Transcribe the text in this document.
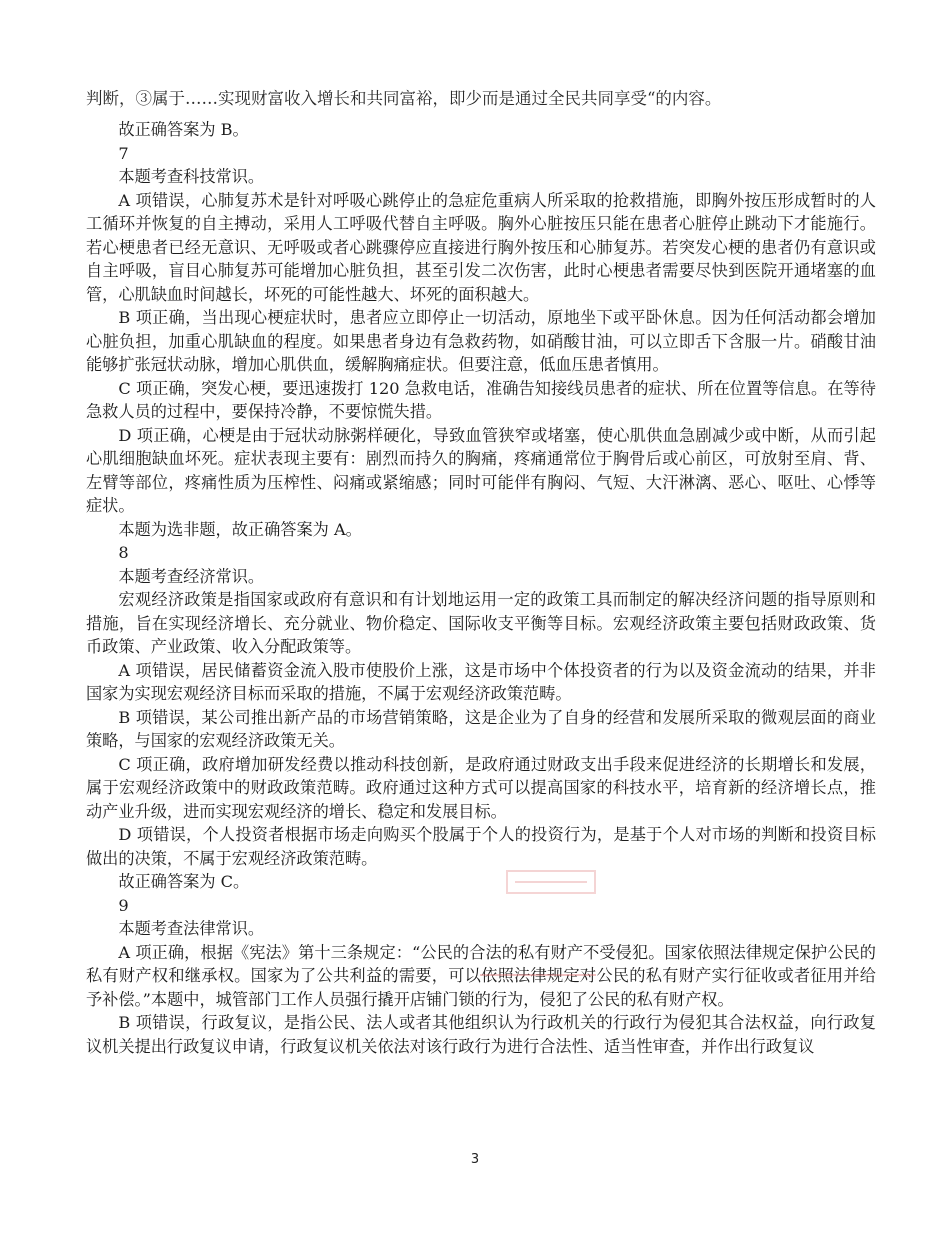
判断，③属于……实现财富收入增长和共同富裕，即少而是通过全民共同享受“的内容。

故正确答案为 B。

7

本题考查科技常识。

A 项错误，心肺复苏术是针对呼吸心跳停止的急症危重病人所采取的抢救措施，即胸外按压形成暂时的人工循环并恢复的自主搏动，采用人工呼吸代替自主呼吸。胸外心脏按压只能在患者心脏停止跳动下才能施行。若心梗患者已经无意识、无呼吸或者心跳骤停应直接进行胸外按压和心肺复苏。若突发心梗的患者仍有意识或自主呼吸，盲目心肺复苏可能增加心脏负担，甚至引发二次伤害，此时心梗患者需要尽快到医院开通堵塞的血管，心肌缺血时间越长，坏死的可能性越大、坏死的面积越大。

B 项正确，当出现心梗症状时，患者应立即停止一切活动，原地坐下或平卧休息。因为任何活动都会增加心脏负担，加重心肌缺血的程度。如果患者身边有急救药物，如硝酸甘油，可以立即舌下含服一片。硝酸甘油能够扩张冠状动脉，增加心肌供血，缓解胸痛症状。但要注意，低血压患者慎用。

C 项正确，突发心梗，要迅速拨打 120 急救电话，准确告知接线员患者的症状、所在位置等信息。在等待急救人员的过程中，要保持冷静，不要惊慌失措。

D 项正确，心梗是由于冠状动脉粥样硬化，导致血管狭窄或堵塞，使心肌供血急剧减少或中断，从而引起心肌细胞缺血坏死。症状表现主要有：剧烈而持久的胸痛，疼痛通常位于胸骨后或心前区，可放射至肩、背、左臂等部位，疼痛性质为压榨性、闷痛或紧缩感；同时可能伴有胸闷、气短、大汗淋漓、恶心、呕吐、心悸等症状。

本题为选非题，故正确答案为 A。

8

本题考查经济常识。

宏观经济政策是指国家或政府有意识和有计划地运用一定的政策工具而制定的解决经济问题的指导原则和措施，旨在实现经济增长、充分就业、物价稳定、国际收支平衡等目标。宏观经济政策主要包括财政政策、货币政策、产业政策、收入分配政策等。

A 项错误，居民储蓄资金流入股市使股价上涨，这是市场中个体投资者的行为以及资金流动的结果，并非国家为实现宏观经济目标而采取的措施，不属于宏观经济政策范畴。

B 项错误，某公司推出新产品的市场营销策略，这是企业为了自身的经营和发展所采取的微观层面的商业策略，与国家的宏观经济政策无关。

C 项正确，政府增加研发经费以推动科技创新，是政府通过财政支出手段来促进经济的长期增长和发展，属于宏观经济政策中的财政政策范畴。政府通过这种方式可以提高国家的科技水平，培育新的经济增长点，推动产业升级，进而实现宏观经济的增长、稳定和发展目标。

D 项错误，个人投资者根据市场走向购买个股属于个人的投资行为，是基于个人对市场的判断和投资目标做出的决策，不属于宏观经济政策范畴。

故正确答案为 C。

9

本题考查法律常识。

A 项正确，根据《宪法》第十三条规定：“公民的合法的私有财产不受侵犯。国家依照法律规定保护公民的私有财产权和继承权。国家为了公共利益的需要，可以依照法律规定对公民的私有财产实行征收或者征用并给予补偿。”本题中，城管部门工作人员强行撬开店铺门锁的行为，侵犯了公民的私有财产权。

B 项错误，行政复议，是指公民、法人或者其他组织认为行政机关的行政行为侵犯其合法权益，向行政复议机关提出行政复议申请，行政复议机关依法对该行政行为进行合法性、适当性审查，并作出行政复议

3
